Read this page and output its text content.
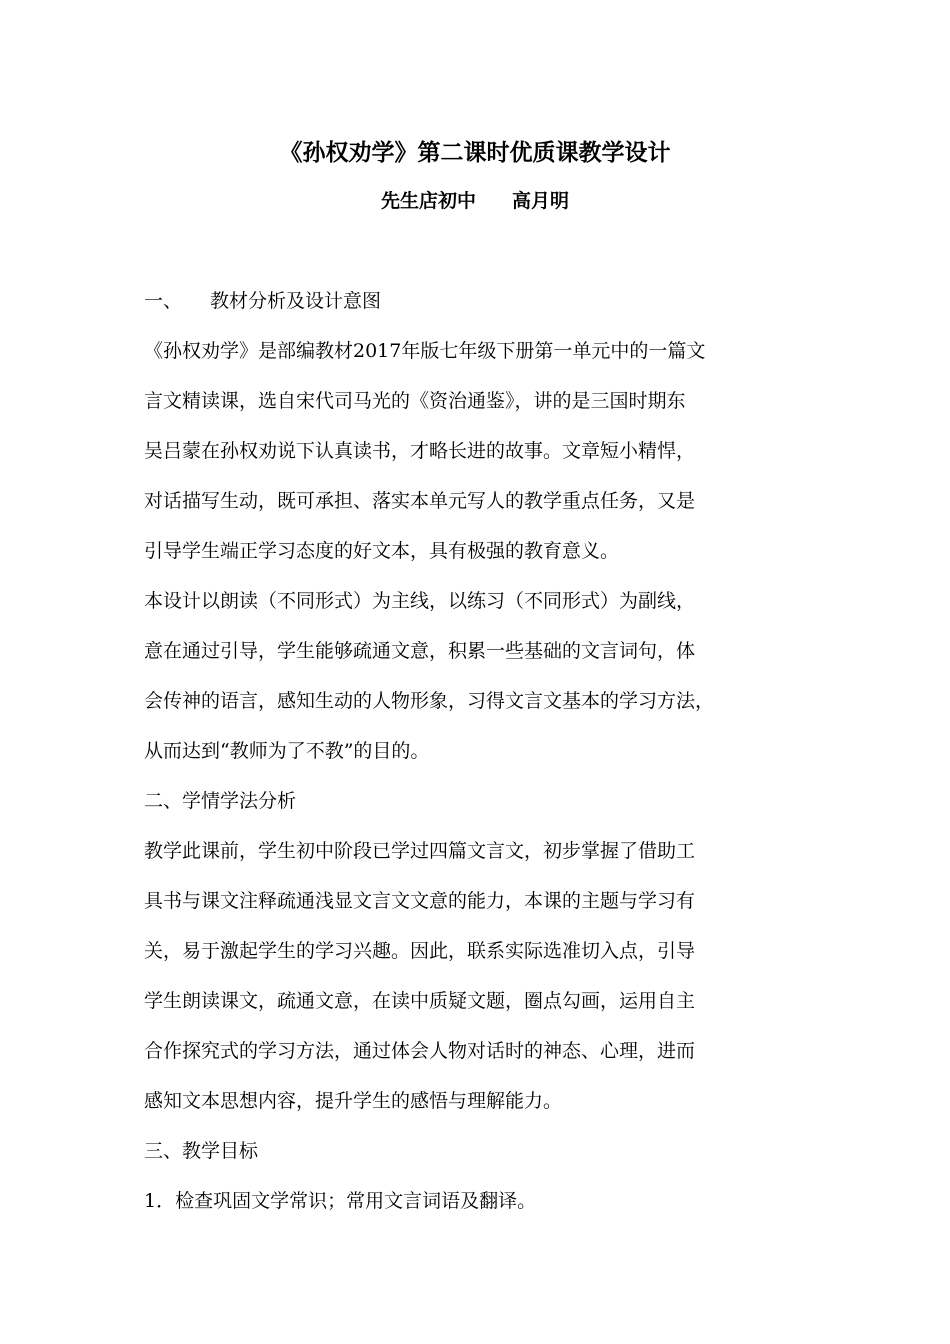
《孙权劝学》第二课时优质课教学设计
先生店初中 高月明
一、 教材分析及设计意图
《孙权劝学》是部编教材2017年版七年级下册第一单元中的一篇文
言文精读课，选自宋代司马光的《资治通鉴》，讲的是三国时期东
吴吕蒙在孙权劝说下认真读书，才略长进的故事。文章短小精悍，
对话描写生动，既可承担、落实本单元写人的教学重点任务，又是
引导学生端正学习态度的好文本，具有极强的教育意义。
本设计以朗读（不同形式）为主线，以练习（不同形式）为副线，
意在通过引导，学生能够疏通文意，积累一些基础的文言词句，体
会传神的语言，感知生动的人物形象，习得文言文基本的学习方法，
从而达到“教师为了不教”的目的。
二、学情学法分析
教学此课前，学生初中阶段已学过四篇文言文，初步掌握了借助工
具书与课文注释疏通浅显文言文文意的能力，本课的主题与学习有
关，易于激起学生的学习兴趣。因此，联系实际选准切入点，引导
学生朗读课文，疏通文意，在读中质疑文题，圈点勾画，运用自主
合作探究式的学习方法，通过体会人物对话时的神态、心理，进而
感知文本思想内容，提升学生的感悟与理解能力。
三、教学目标
1．检查巩固文学常识；常用文言词语及翻译。
